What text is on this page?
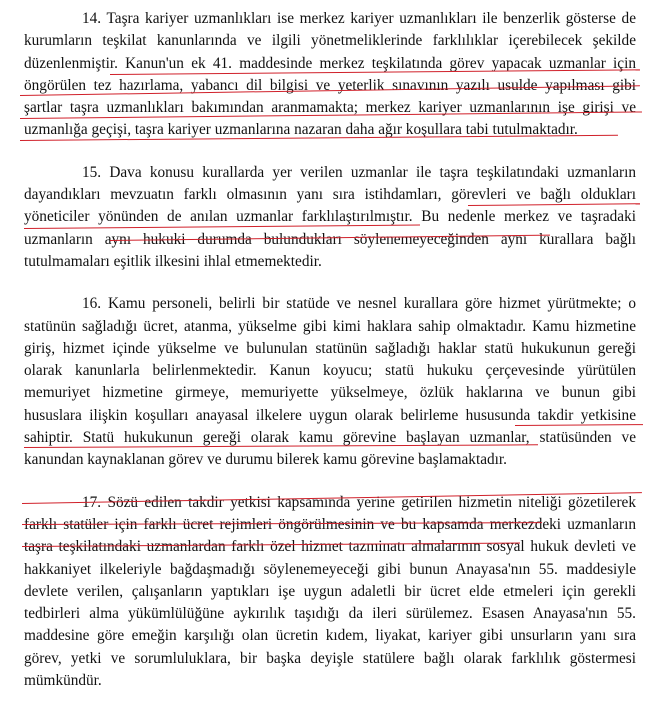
14. Taşra kariyer uzmanlıkları ise merkez kariyer uzmanlıkları ile benzerlik gösterse de
kurumların teşkilat kanunlarında ve ilgili yönetmeliklerinde farklılıklar içerebilecek şekilde
düzenlenmiştir. Kanun'un ek 41. maddesinde merkez teşkilatında görev yapacak uzmanlar için
öngörülen tez hazırlama, yabancı dil bilgisi ve yeterlik sınavının yazılı usulde yapılması gibi
şartlar taşra uzmanlıkları bakımından aranmamakta; merkez kariyer uzmanlarının işe girişi ve
uzmanlığa geçişi, taşra kariyer uzmanlarına nazaran daha ağır koşullara tabi tutulmaktadır.
15. Dava konusu kurallarda yer verilen uzmanlar ile taşra teşkilatındaki uzmanların
dayandıkları mevzuatın farklı olmasının yanı sıra istihdamları, görevleri ve bağlı oldukları
yöneticiler yönünden de anılan uzmanlar farklılaştırılmıştır. Bu nedenle merkez ve taşradaki
uzmanların aynı hukuki durumda bulundukları söylenemeyeceğinden aynı kurallara bağlı
tutulmamaları eşitlik ilkesini ihlal etmemektedir.
16. Kamu personeli, belirli bir statüde ve nesnel kurallara göre hizmet yürütmekte; o
statünün sağladığı ücret, atanma, yükselme gibi kimi haklara sahip olmaktadır. Kamu hizmetine
giriş, hizmet içinde yükselme ve bulunulan statünün sağladığı haklar statü hukukunun gereği
olarak kanunlarla belirlenmektedir. Kanun koyucu; statü hukuku çerçevesinde yürütülen
memuriyet hizmetine girmeye, memuriyette yükselmeye, özlük haklarına ve bunun gibi
hususlara ilişkin koşulları anayasal ilkelere uygun olarak belirleme hususunda takdir yetkisine
sahiptir. Statü hukukunun gereği olarak kamu görevine başlayan uzmanlar, statüsünden ve
kanundan kaynaklanan görev ve durumu bilerek kamu görevine başlamaktadır.
17. Sözü edilen takdir yetkisi kapsamında yerine getirilen hizmetin niteliği gözetilerek
farklı statüler için farklı ücret rejimleri öngörülmesinin ve bu kapsamda merkezdeki uzmanların
taşra teşkilatındaki uzmanlardan farklı özel hizmet tazminatı almalarının sosyal hukuk devleti ve
hakkaniyet ilkeleriyle bağdaşmadığı söylenemeyeceği gibi bunun Anayasa'nın 55. maddesiyle
devlete verilen, çalışanların yaptıkları işe uygun adaletli bir ücret elde etmeleri için gerekli
tedbirleri alma yükümlülüğüne aykırılık taşıdığı da ileri sürülemez. Esasen Anayasa'nın 55.
maddesine göre emeğin karşılığı olan ücretin kıdem, liyakat, kariyer gibi unsurların yanı sıra
görev, yetki ve sorumluluklara, bir başka deyişle statülere bağlı olarak farklılık göstermesi
mümkündür.
